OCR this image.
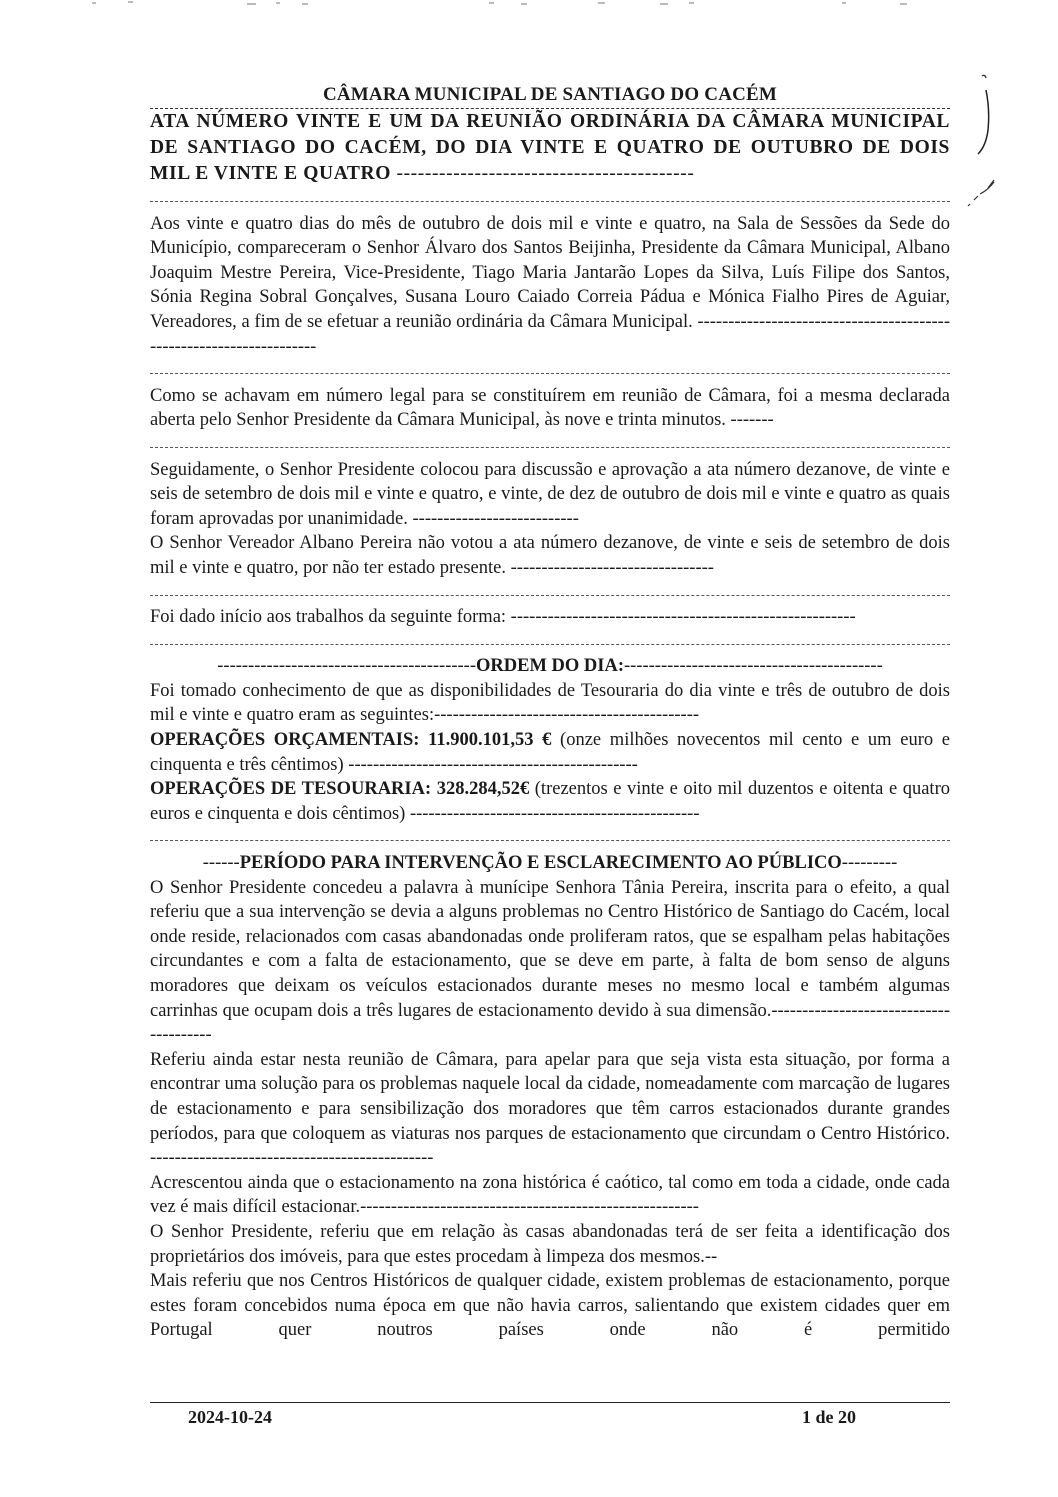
CÂMARA MUNICIPAL DE SANTIAGO DO CACÉM
ATA NÚMERO VINTE E UM DA REUNIÃO ORDINÁRIA DA CÂMARA MUNICIPAL DE SANTIAGO DO CACÉM, DO DIA VINTE E QUATRO DE OUTUBRO DE DOIS MIL E VINTE E QUATRO ------------------------------------------

Aos vinte e quatro dias do mês de outubro de dois mil e vinte e quatro, na Sala de Sessões da Sede do Município, compareceram o Senhor Álvaro dos Santos Beijinha, Presidente da Câmara Municipal, Albano Joaquim Mestre Pereira, Vice-Presidente, Tiago Maria Jantarão Lopes da Silva, Luís Filipe dos Santos, Sónia Regina Sobral Gonçalves, Susana Louro Caiado Correia Pádua e Mónica Fialho Pires de Aguiar, Vereadores, a fim de se efetuar a reunião ordinária da Câmara Municipal. --------------------------------------------------------------------

Como se achavam em número legal para se constituírem em reunião de Câmara, foi a mesma declarada aberta pelo Senhor Presidente da Câmara Municipal, às nove e trinta minutos. -------

Seguidamente, o Senhor Presidente colocou para discussão e aprovação a ata número dezanove, de vinte e seis de setembro de dois mil e vinte e quatro, e vinte, de dez de outubro de dois mil e vinte e quatro as quais foram aprovadas por unanimidade. ---------------------------

O Senhor Vereador Albano Pereira não votou a ata número dezanove, de vinte e seis de setembro de dois mil e vinte e quatro, por não ter estado presente. ---------------------------------

Foi dado início aos trabalhos da seguinte forma: --------------------------------------------------------

------------------------------------------ORDEM DO DIA:------------------------------------------

Foi tomado conhecimento de que as disponibilidades de Tesouraria do dia vinte e três de outubro de dois mil e vinte e quatro eram as seguintes:-------------------------------------------

OPERAÇÕES ORÇAMENTAIS: 11.900.101,53 € (onze milhões novecentos mil cento e um euro e cinquenta e três cêntimos) -----------------------------------------------

OPERAÇÕES DE TESOURARIA: 328.284,52€ (trezentos e vinte e oito mil duzentos e oitenta e quatro euros e cinquenta e dois cêntimos) -----------------------------------------------

------PERÍODO PARA INTERVENÇÃO E ESCLARECIMENTO AO PÚBLICO---------

O Senhor Presidente concedeu a palavra à munícipe Senhora Tânia Pereira, inscrita para o efeito, a qual referiu que a sua intervenção se devia a alguns problemas no Centro Histórico de Santiago do Cacém, local onde reside, relacionados com casas abandonadas onde proliferam ratos, que se espalham pelas habitações circundantes e com a falta de estacionamento, que se deve em parte, à falta de bom senso de alguns moradores que deixam os veículos estacionados durante meses no mesmo local e também algumas carrinhas que ocupam dois a três lugares de estacionamento devido à sua dimensão.---------------------------------------

Referiu ainda estar nesta reunião de Câmara, para apelar para que seja vista esta situação, por forma a encontrar uma solução para os problemas naquele local da cidade, nomeadamente com marcação de lugares de estacionamento e para sensibilização dos moradores que têm carros estacionados durante grandes períodos, para que coloquem as viaturas nos parques de estacionamento que circundam o Centro Histórico. ----------------------------------------------

Acrescentou ainda que o estacionamento na zona histórica é caótico, tal como em toda a cidade, onde cada vez é mais difícil estacionar.-------------------------------------------------------

O Senhor Presidente, referiu que em relação às casas abandonadas terá de ser feita a identificação dos proprietários dos imóveis, para que estes procedam à limpeza dos mesmos.--

Mais referiu que nos Centros Históricos de qualquer cidade, existem problemas de estacionamento, porque estes foram concebidos numa época em que não havia carros, salientando que existem cidades quer em Portugal quer noutros países onde não é permitido

2024-10-24	1 de 20
